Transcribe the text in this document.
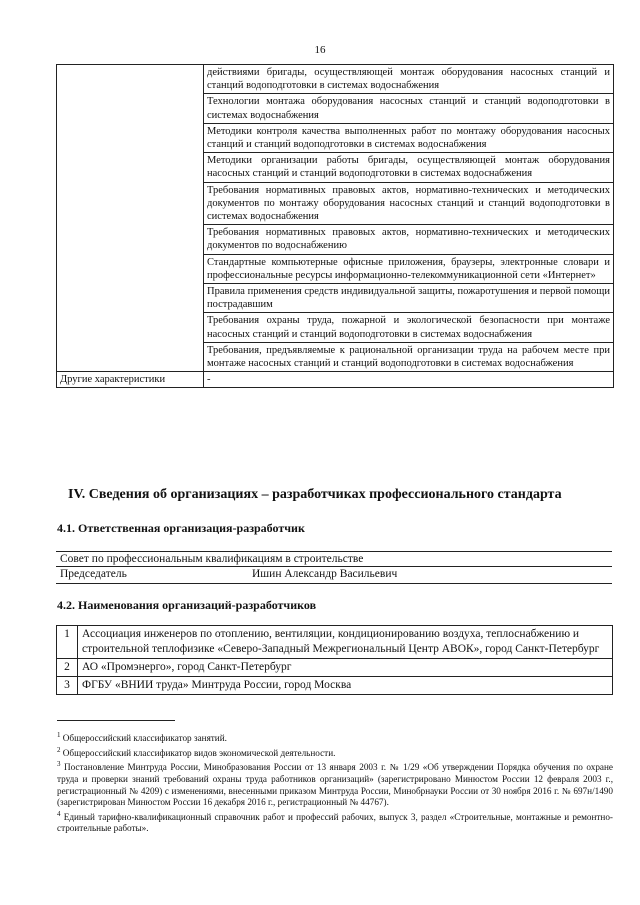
16
	действиями бригады, осуществляющей монтаж оборудования насосных станций и станций водоподготовки в системах водоснабжения
	Технологии монтажа оборудования насосных станций и станций водоподготовки в системах водоснабжения
	Методики контроля качества выполненных работ по монтажу оборудования насосных станций и станций водоподготовки в системах водоснабжения
	Методики организации работы бригады, осуществляющей монтаж оборудования насосных станций и станций водоподготовки в системах водоснабжения
	Требования нормативных правовых актов, нормативно-технических и методических документов по монтажу оборудования насосных станций и станций водоподготовки в системах водоснабжения
	Требования нормативных правовых актов, нормативно-технических и методических документов по водоснабжению
	Стандартные компьютерные офисные приложения, браузеры, электронные словари и профессиональные ресурсы информационно-телекоммуникационной сети «Интернет»
	Правила применения средств индивидуальной защиты, пожаротушения и первой помощи пострадавшим
	Требования охраны труда, пожарной и экологической безопасности при монтаже насосных станций и станций водоподготовки в системах водоснабжения
	Требования, предъявляемые к рациональной организации труда на рабочем месте при монтаже насосных станций и станций водоподготовки в системах водоснабжения
Другие характеристики	-
IV. Сведения об организациях – разработчиках профессионального стандарта
4.1. Ответственная организация-разработчик
Совет по профессиональным квалификациям в строительстве
Председатель	Ишин Александр Васильевич
4.2. Наименования организаций-разработчиков
1	Ассоциация инженеров по отоплению, вентиляции, кондиционированию воздуха, теплоснабжению и строительной теплофизике «Северо-Западный Межрегиональный Центр АВОК», город Санкт-Петербург
2	АО «Промэнерго», город Санкт-Петербург
3	ФГБУ «ВНИИ труда» Минтруда России, город Москва

$^1$ Общероссийский классификатор занятий.

$^2$ Общероссийский классификатор видов экономической деятельности.

$^3$ Постановление Минтруда России, Минобразования России от 13 января 2003 г. № 1/29 «Об утверждении Порядка обучения по охране труда и проверки знаний требований охраны труда работников организаций» (зарегистрировано Минюстом России 12 февраля 2003 г., регистрационный № 4209) с изменениями, внесенными приказом Минтруда России, Минобрнауки России от 30 ноября 2016 г. № 697н/1490 (зарегистрирован Минюстом России 16 декабря 2016 г., регистрационный № 44767).

$^4$ Единый тарифно-квалификационный справочник работ и профессий рабочих, выпуск 3, раздел «Строительные, монтажные и ремонтно-строительные работы».
